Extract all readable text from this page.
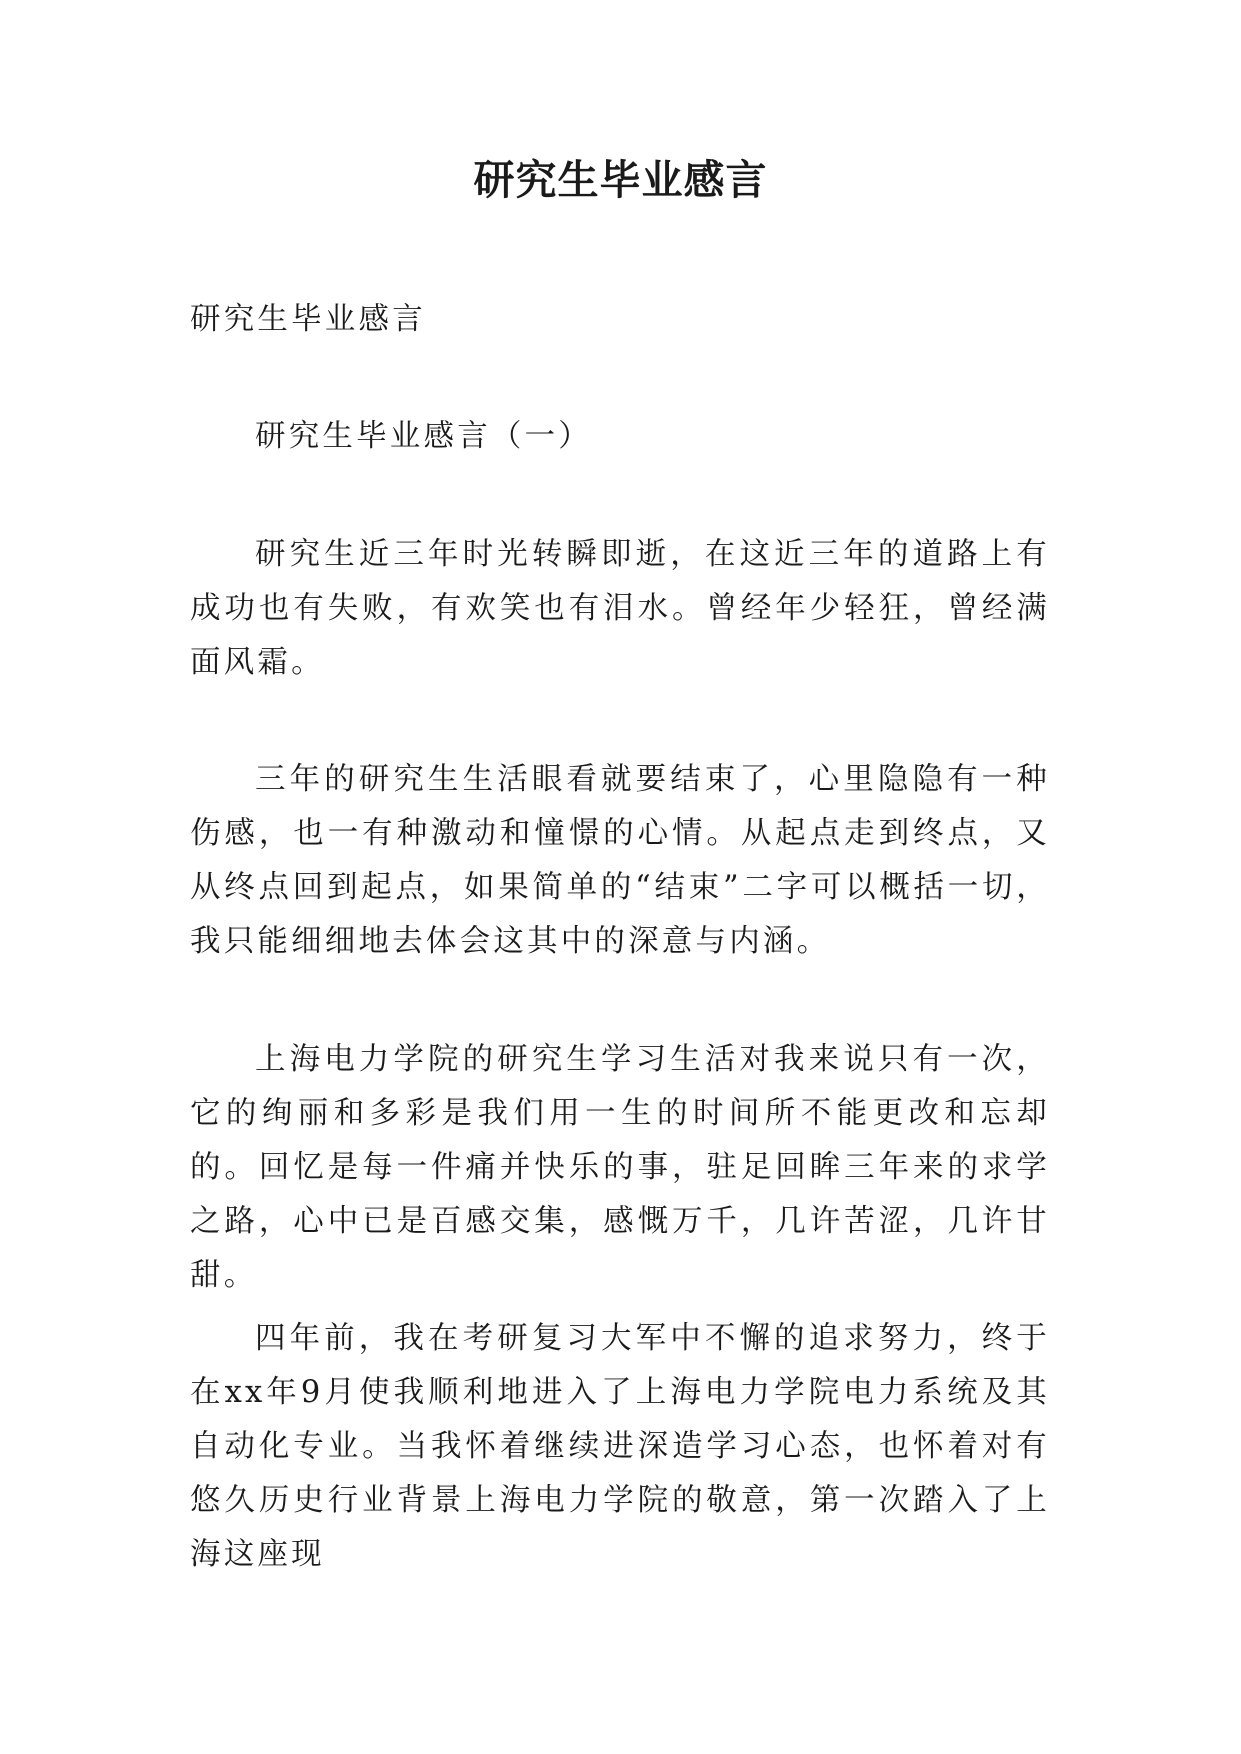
研究生毕业感言

研究生毕业感言

研究生毕业感言（一）

研究生近三年时光转瞬即逝，在这近三年的道路上有成功也有失败，有欢笑也有泪水。曾经年少轻狂，曾经满面风霜。

三年的研究生生活眼看就要结束了，心里隐隐有一种伤感，也一有种激动和憧憬的心情。从起点走到终点，又从终点回到起点，如果简单的“结束”二字可以概括一切，我只能细细地去体会这其中的深意与内涵。

上海电力学院的研究生学习生活对我来说只有一次，它的绚丽和多彩是我们用一生的时间所不能更改和忘却的。回忆是每一件痛并快乐的事，驻足回眸三年来的求学之路，心中已是百感交集，感慨万千，几许苦涩，几许甘甜。

四年前，我在考研复习大军中不懈的追求努力，终于在xx年9月使我顺利地进入了上海电力学院电力系统及其自动化专业。当我怀着继续进深造学习心态，也怀着对有悠久历史行业背景上海电力学院的敬意，第一次踏入了上海这座现
